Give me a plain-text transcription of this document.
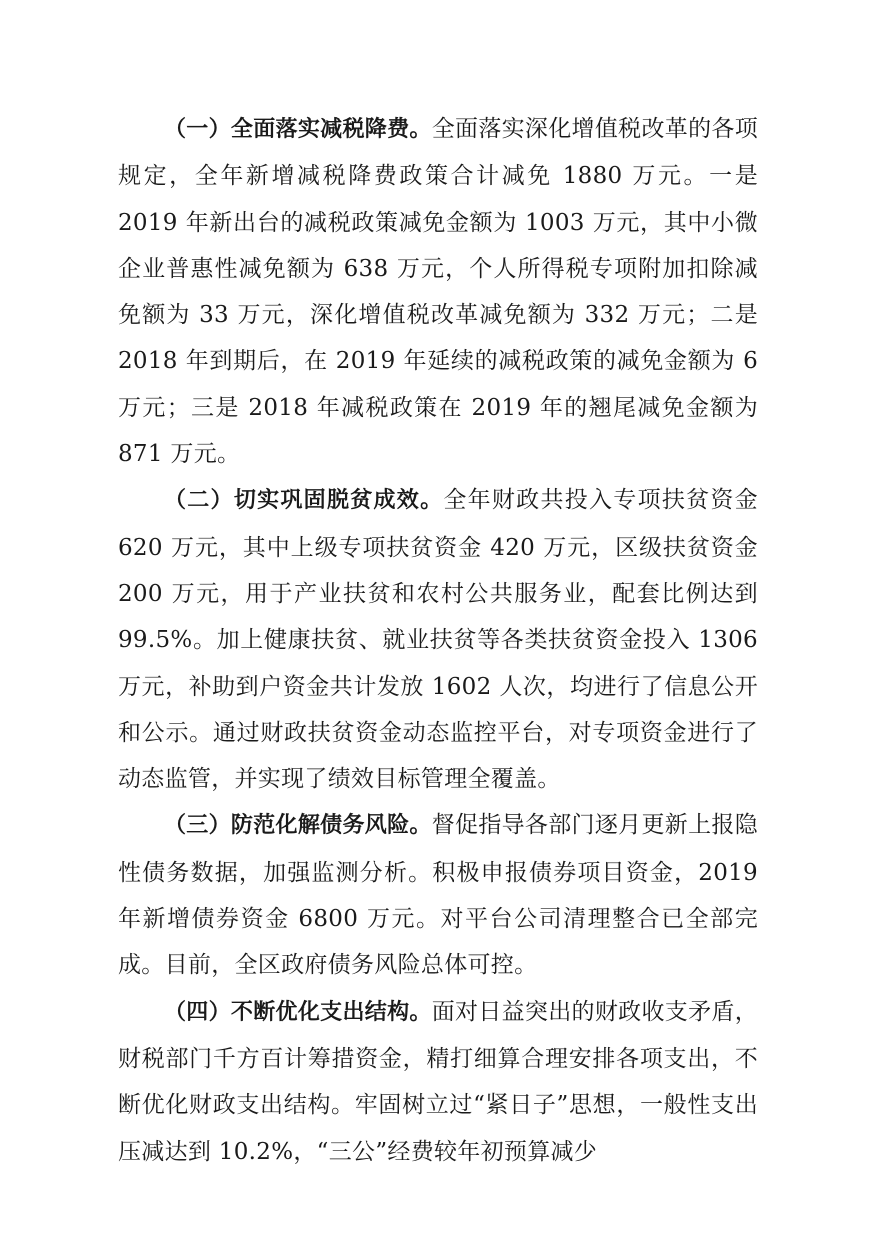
（一）全面落实减税降费。全面落实深化增值税改革的各项规定，全年新增减税降费政策合计减免 1880 万元。一是 2019 年新出台的减税政策减免金额为 1003 万元，其中小微企业普惠性减免额为 638 万元，个人所得税专项附加扣除减免额为 33 万元，深化增值税改革减免额为 332 万元；二是 2018 年到期后，在 2019 年延续的减税政策的减免金额为 6 万元；三是 2018 年减税政策在 2019 年的翘尾减免金额为 871 万元。

（二）切实巩固脱贫成效。全年财政共投入专项扶贫资金 620 万元，其中上级专项扶贫资金 420 万元，区级扶贫资金 200 万元，用于产业扶贫和农村公共服务业，配套比例达到 99.5%。加上健康扶贫、就业扶贫等各类扶贫资金投入 1306 万元，补助到户资金共计发放 1602 人次，均进行了信息公开和公示。通过财政扶贫资金动态监控平台，对专项资金进行了动态监管，并实现了绩效目标管理全覆盖。

（三）防范化解债务风险。督促指导各部门逐月更新上报隐性债务数据，加强监测分析。积极申报债券项目资金，2019 年新增债券资金 6800 万元。对平台公司清理整合已全部完成。目前，全区政府债务风险总体可控。

（四）不断优化支出结构。面对日益突出的财政收支矛盾，财税部门千方百计筹措资金，精打细算合理安排各项支出，不断优化财政支出结构。牢固树立过“紧日子”思想，一般性支出压减达到 10.2%，“三公”经费较年初预算减少
